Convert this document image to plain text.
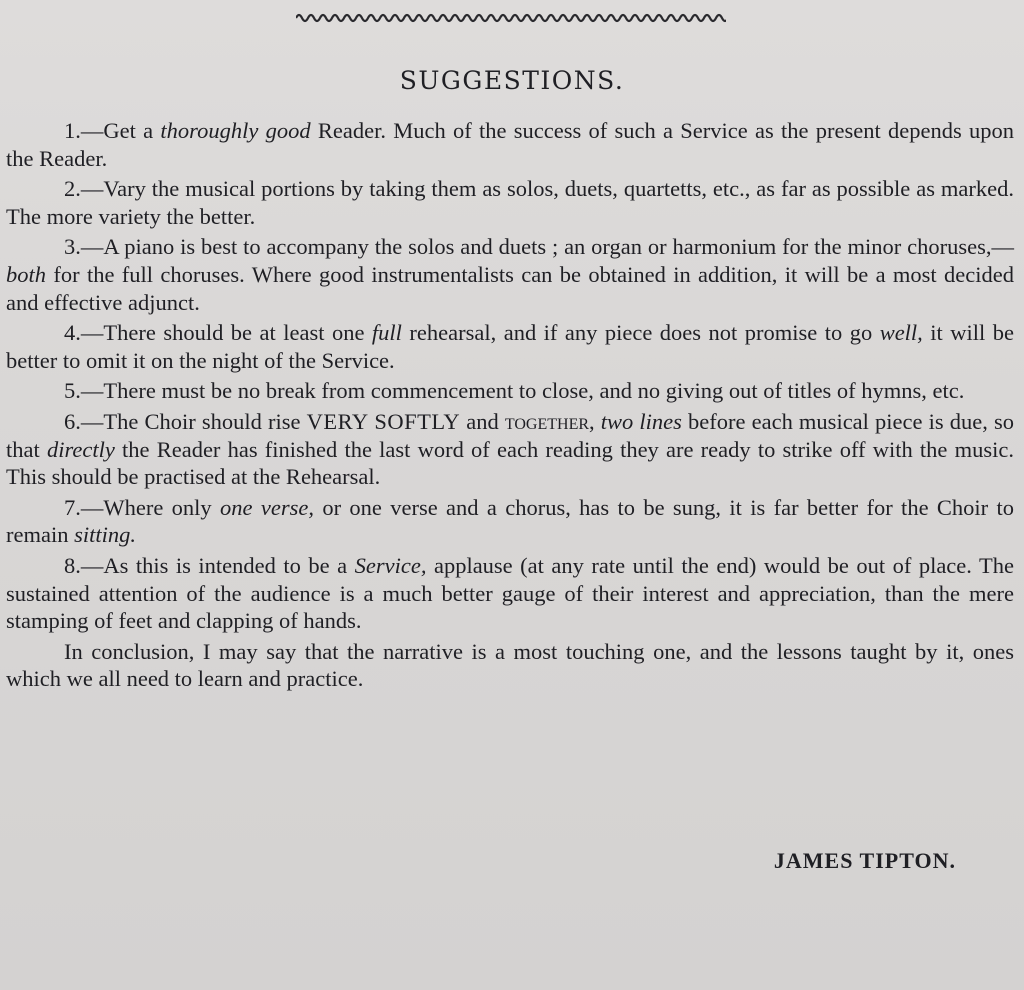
SUGGESTIONS.

1.—Get a thoroughly good Reader. Much of the success of such a Service as the present depends upon the Reader.

2.—Vary the musical portions by taking them as solos, duets, quartetts, etc., as far as possible as marked. The more variety the better.

3.—A piano is best to accompany the solos and duets ; an organ or harmonium for the minor choruses,—both for the full choruses. Where good instrumentalists can be obtained in addition, it will be a most decided and effective adjunct.

4.—There should be at least one full rehearsal, and if any piece does not promise to go well, it will be better to omit it on the night of the Service.

5.—There must be no break from commencement to close, and no giving out of titles of hymns, etc.

6.—The Choir should rise VERY SOFTLY and together, two lines before each musical piece is due, so that directly the Reader has finished the last word of each reading they are ready to strike off with the music. This should be practised at the Rehearsal.

7.—Where only one verse, or one verse and a chorus, has to be sung, it is far better for the Choir to remain sitting.

8.—As this is intended to be a Service, applause (at any rate until the end) would be out of place. The sustained attention of the audience is a much better gauge of their interest and appreciation, than the mere stamping of feet and clapping of hands.

In conclusion, I may say that the narrative is a most touching one, and the lessons taught by it, ones which we all need to learn and practice.

JAMES TIPTON.
